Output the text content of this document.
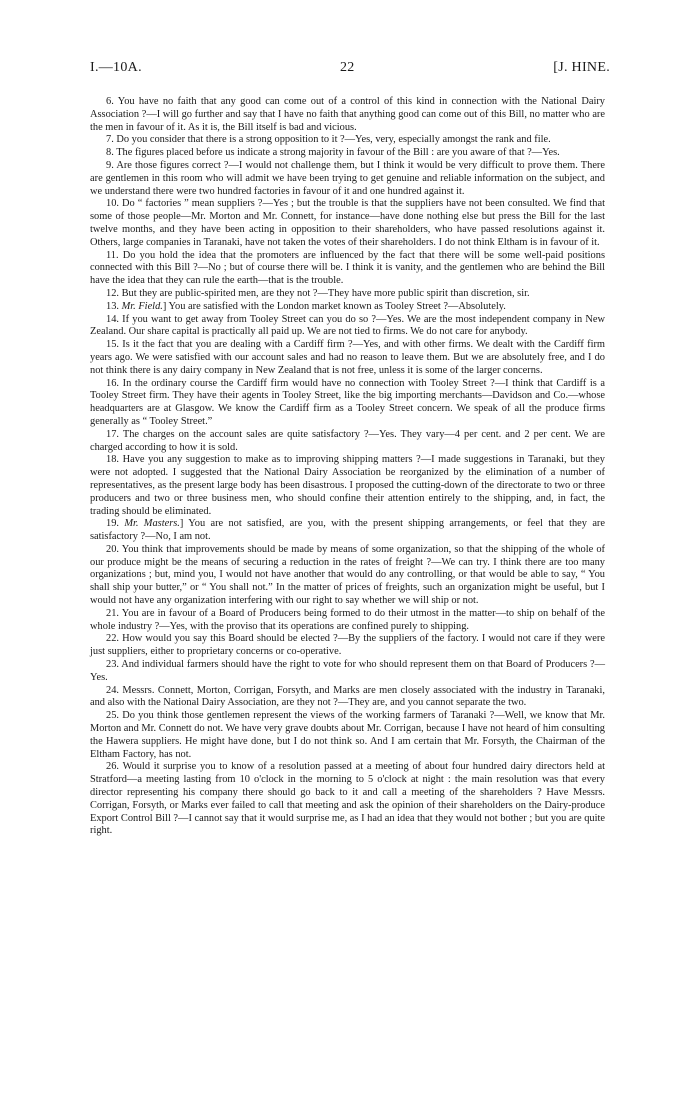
I.—10A.	22	[J. HINE.

6. You have no faith that any good can come out of a control of this kind in connection with the National Dairy Association ?—I will go further and say that I have no faith that anything good can come out of this Bill, no matter who are the men in favour of it. As it is, the Bill itself is bad and vicious.

7. Do you consider that there is a strong opposition to it ?—Yes, very, especially amongst the rank and file.

8. The figures placed before us indicate a strong majority in favour of the Bill : are you aware of that ?—Yes.

9. Are those figures correct ?—I would not challenge them, but I think it would be very difficult to prove them. There are gentlemen in this room who will admit we have been trying to get genuine and reliable information on the subject, and we understand there were two hundred factories in favour of it and one hundred against it.

10. Do “ factories ” mean suppliers ?—Yes ; but the trouble is that the suppliers have not been consulted. We find that some of those people—Mr. Morton and Mr. Connett, for instance—have done nothing else but press the Bill for the last twelve months, and they have been acting in opposition to their shareholders, who have passed resolutions against it. Others, large companies in Taranaki, have not taken the votes of their shareholders. I do not think Eltham is in favour of it.

11. Do you hold the idea that the promoters are influenced by the fact that there will be some well-paid positions connected with this Bill ?—No ; but of course there will be. I think it is vanity, and the gentlemen who are behind the Bill have the idea that they can rule the earth—that is the trouble.

12. But they are public-spirited men, are they not ?—They have more public spirit than discretion, sir.

13. Mr. Field.] You are satisfied with the London market known as Tooley Street ?—Absolutely.

14. If you want to get away from Tooley Street can you do so ?—Yes. We are the most independent company in New Zealand. Our share capital is practically all paid up. We are not tied to firms. We do not care for anybody.

15. Is it the fact that you are dealing with a Cardiff firm ?—Yes, and with other firms. We dealt with the Cardiff firm years ago. We were satisfied with our account sales and had no reason to leave them. But we are absolutely free, and I do not think there is any dairy company in New Zealand that is not free, unless it is some of the larger concerns.

16. In the ordinary course the Cardiff firm would have no connection with Tooley Street ?—I think that Cardiff is a Tooley Street firm. They have their agents in Tooley Street, like the big importing merchants—Davidson and Co.—whose headquarters are at Glasgow. We know the Cardiff firm as a Tooley Street concern. We speak of all the produce firms generally as “ Tooley Street.”

17. The charges on the account sales are quite satisfactory ?—Yes. They vary—4 per cent. and 2 per cent. We are charged according to how it is sold.

18. Have you any suggestion to make as to improving shipping matters ?—I made suggestions in Taranaki, but they were not adopted. I suggested that the National Dairy Association be reorganized by the elimination of a number of representatives, as the present large body has been disastrous. I proposed the cutting-down of the directorate to two or three producers and two or three business men, who should confine their attention entirely to the shipping, and, in fact, the trading should be eliminated.

19. Mr. Masters.] You are not satisfied, are you, with the present shipping arrangements, or feel that they are satisfactory ?—No, I am not.

20. You think that improvements should be made by means of some organization, so that the shipping of the whole of our produce might be the means of securing a reduction in the rates of freight ?—We can try. I think there are too many organizations ; but, mind you, I would not have another that would do any controlling, or that would be able to say, “ You shall ship your butter,” or “ You shall not.” In the matter of prices of freights, such an organization might be useful, but I would not have any organization interfering with our right to say whether we will ship or not.

21. You are in favour of a Board of Producers being formed to do their utmost in the matter—to ship on behalf of the whole industry ?—Yes, with the proviso that its operations are confined purely to shipping.

22. How would you say this Board should be elected ?—By the suppliers of the factory. I would not care if they were just suppliers, either to proprietary concerns or co-operative.

23. And individual farmers should have the right to vote for who should represent them on that Board of Producers ?—Yes.

24. Messrs. Connett, Morton, Corrigan, Forsyth, and Marks are men closely associated with the industry in Taranaki, and also with the National Dairy Association, are they not ?—They are, and you cannot separate the two.

25. Do you think those gentlemen represent the views of the working farmers of Taranaki ?—Well, we know that Mr. Morton and Mr. Connett do not. We have very grave doubts about Mr. Corrigan, because I have not heard of him consulting the Hawera suppliers. He might have done, but I do not think so. And I am certain that Mr. Forsyth, the Chairman of the Eltham Factory, has not.

26. Would it surprise you to know of a resolution passed at a meeting of about four hundred dairy directors held at Stratford—a meeting lasting from 10 o'clock in the morning to 5 o'clock at night : the main resolution was that every director representing his company there should go back to it and call a meeting of the shareholders ? Have Messrs. Corrigan, Forsyth, or Marks ever failed to call that meeting and ask the opinion of their shareholders on the Dairy-produce Export Control Bill ?—I cannot say that it would surprise me, as I had an idea that they would not bother ; but you are quite right.
